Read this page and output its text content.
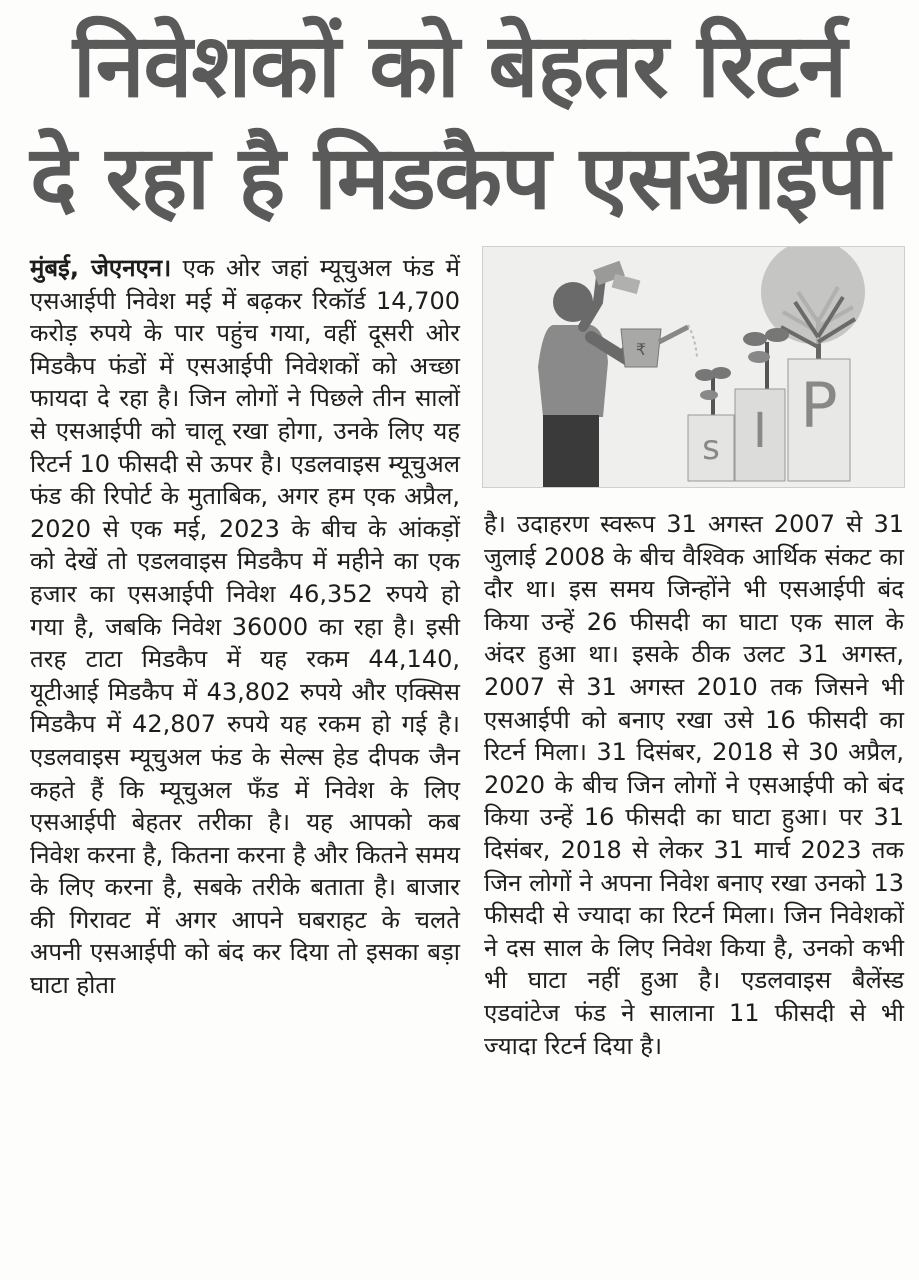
निवेशकों को बेहतर रिटर्न
दे रहा है मिडकैप एसआईपी
मुंबई, जेएनएन। एक ओर जहां म्यूचुअल फंड में एसआईपी निवेश मई में बढ़कर रिकॉर्ड 14,700 करोड़ रुपये के पार पहुंच गया, वहीं दूसरी ओर मिडकैप फंडों में एसआईपी निवेशकों को अच्छा फायदा दे रहा है। जिन लोगों ने पिछले तीन सालों से एसआईपी को चालू रखा होगा, उनके लिए यह रिटर्न 10 फीसदी से ऊपर है। एडलवाइस म्यूचुअल फंड की रिपोर्ट के मुताबिक, अगर हम एक अप्रैल, 2020 से एक मई, 2023 के बीच के आंकड़ों को देखें तो एडलवाइस मिडकैप में महीने का एक हजार का एसआईपी निवेश 46,352 रुपये हो गया है, जबकि निवेश 36000 का रहा है। इसी तरह टाटा मिडकैप में यह रकम 44,140, यूटीआई मिडकैप में 43,802 रुपये और एक्सिस मिडकैप में 42,807 रुपये यह रकम हो गई है। एडलवाइस म्यूचुअल फंड के सेल्स हेड दीपक जैन कहते हैं कि म्यूचुअल फँड में निवेश के लिए एसआईपी बेहतर तरीका है। यह आपको कब निवेश करना है, कितना करना है और कितने समय के लिए करना है, सबके तरीके बताता है। बाजार की गिरावट में अगर आपने घबराहट के चलते अपनी एसआईपी को बंद कर दिया तो इसका बड़ा घाटा होता
s I P
₹
है। उदाहरण स्वरूप 31 अगस्त 2007 से 31 जुलाई 2008 के बीच वैश्विक आर्थिक संकट का दौर था। इस समय जिन्होंने भी एसआईपी बंद किया उन्हें 26 फीसदी का घाटा एक साल के अंदर हुआ था। इसके ठीक उलट 31 अगस्त, 2007 से 31 अगस्त 2010 तक जिसने भी एसआईपी को बनाए रखा उसे 16 फीसदी का रिटर्न मिला। 31 दिसंबर, 2018 से 30 अप्रैल, 2020 के बीच जिन लोगों ने एसआईपी को बंद किया उन्हें 16 फीसदी का घाटा हुआ। पर 31 दिसंबर, 2018 से लेकर 31 मार्च 2023 तक जिन लोगों ने अपना निवेश बनाए रखा उनको 13 फीसदी से ज्यादा का रिटर्न मिला। जिन निवेशकों ने दस साल के लिए निवेश किया है, उनको कभी भी घाटा नहीं हुआ है। एडलवाइस बैलेंस्ड एडवांटेज फंड ने सालाना 11 फीसदी से भी ज्यादा रिटर्न दिया है।
